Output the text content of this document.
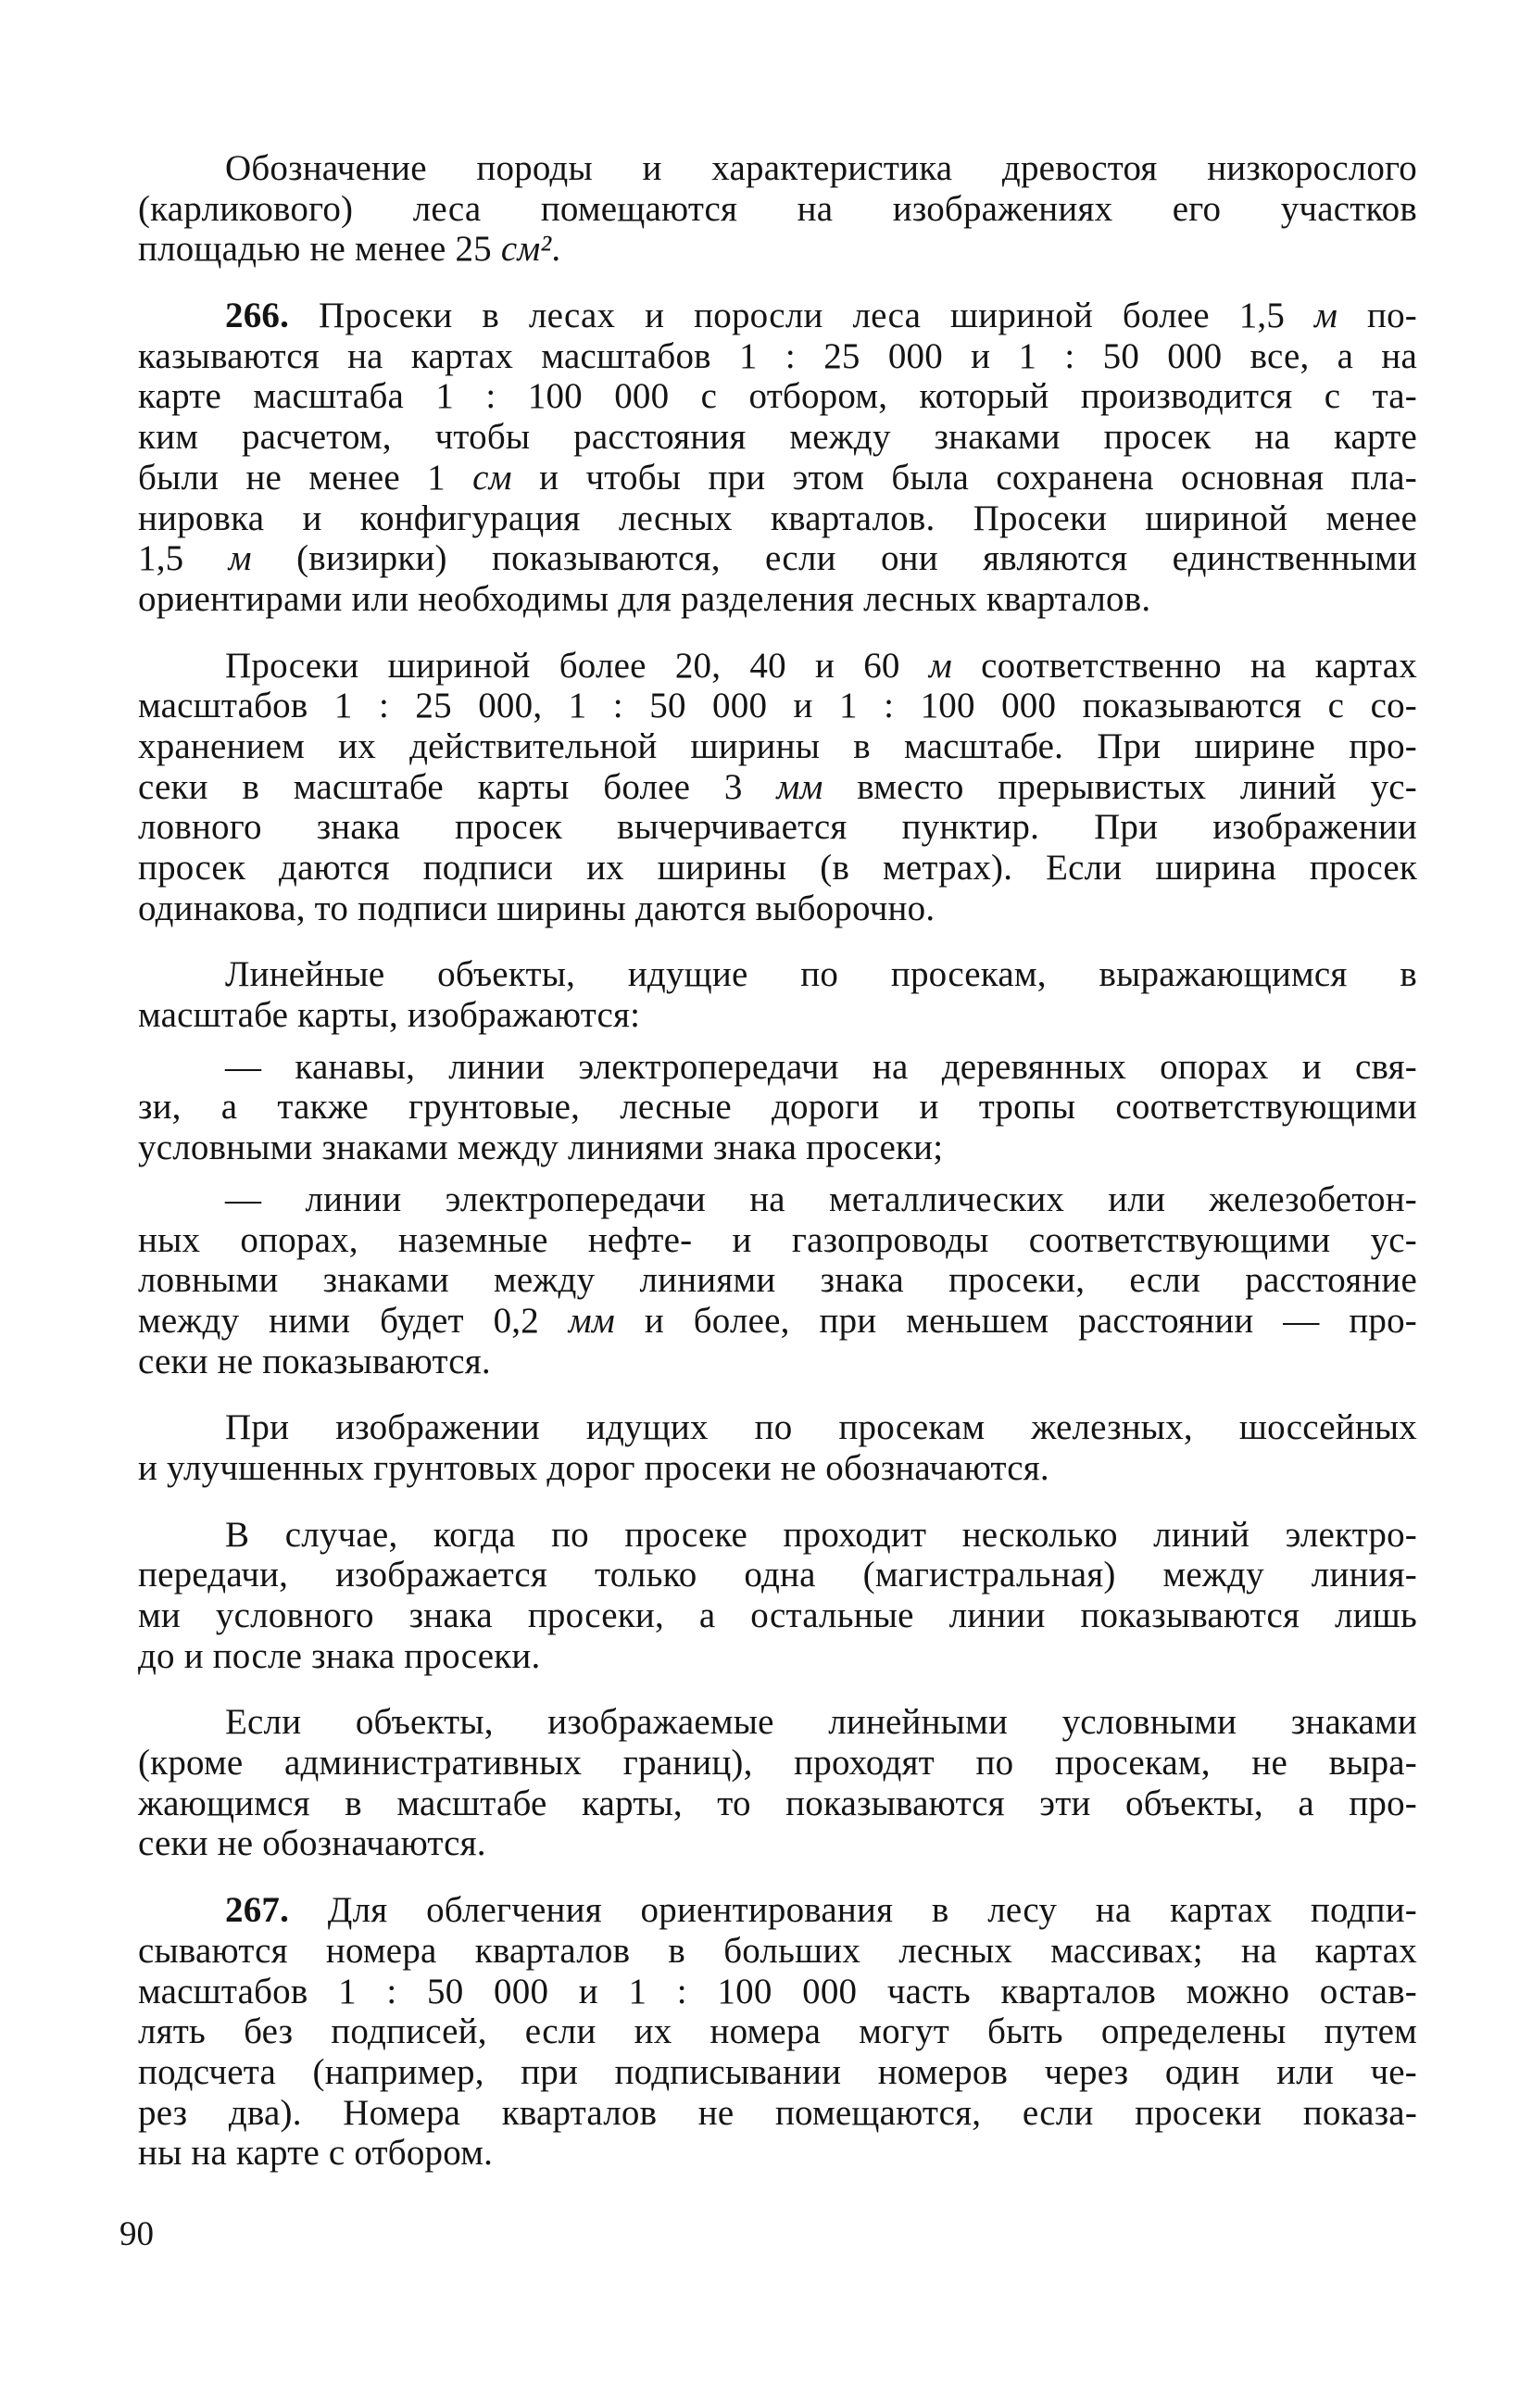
Обозначение породы и характеристика древостоя низкорослого
(карликового) леса помещаются на изображениях его участков
площадью не менее 25 см².
266. Просеки в лесах и поросли леса шириной более 1,5 м по-
казываются на картах масштабов 1 : 25 000 и 1 : 50 000 все, а на
карте масштаба 1 : 100 000 с отбором, который производится с та-
ким расчетом, чтобы расстояния между знаками просек на карте
были не менее 1 см и чтобы при этом была сохранена основная пла-
нировка и конфигурация лесных кварталов. Просеки шириной менее
1,5 м (визирки) показываются, если они являются единственными
ориентирами или необходимы для разделения лесных кварталов.
Просеки шириной более 20, 40 и 60 м соответственно на картах
масштабов 1 : 25 000, 1 : 50 000 и 1 : 100 000 показываются с со-
хранением их действительной ширины в масштабе. При ширине про-
секи в масштабе карты более 3 мм вместо прерывистых линий ус-
ловного знака просек вычерчивается пунктир. При изображении
просек даются подписи их ширины (в метрах). Если ширина просек
одинакова, то подписи ширины даются выборочно.
Линейные объекты, идущие по просекам, выражающимся в
масштабе карты, изображаются:
— канавы, линии электропередачи на деревянных опорах и свя-
зи, а также грунтовые, лесные дороги и тропы соответствующими
условными знаками между линиями знака просеки;
— линии электропередачи на металлических или железобетон-
ных опорах, наземные нефте- и газопроводы соответствующими ус-
ловными знаками между линиями знака просеки, если расстояние
между ними будет 0,2 мм и более, при меньшем расстоянии — про-
секи не показываются.
При изображении идущих по просекам железных, шоссейных
и улучшенных грунтовых дорог просеки не обозначаются.
В случае, когда по просеке проходит несколько линий электро-
передачи, изображается только одна (магистральная) между линия-
ми условного знака просеки, а остальные линии показываются лишь
до и после знака просеки.
Если объекты, изображаемые линейными условными знаками
(кроме административных границ), проходят по просекам, не выра-
жающимся в масштабе карты, то показываются эти объекты, а про-
секи не обозначаются.
267. Для облегчения ориентирования в лесу на картах подпи-
сываются номера кварталов в больших лесных массивах; на картах
масштабов 1 : 50 000 и 1 : 100 000 часть кварталов можно остав-
лять без подписей, если их номера могут быть определены путем
подсчета (например, при подписывании номеров через один или че-
рез два). Номера кварталов не помещаются, если просеки показа-
ны на карте с отбором.
90
